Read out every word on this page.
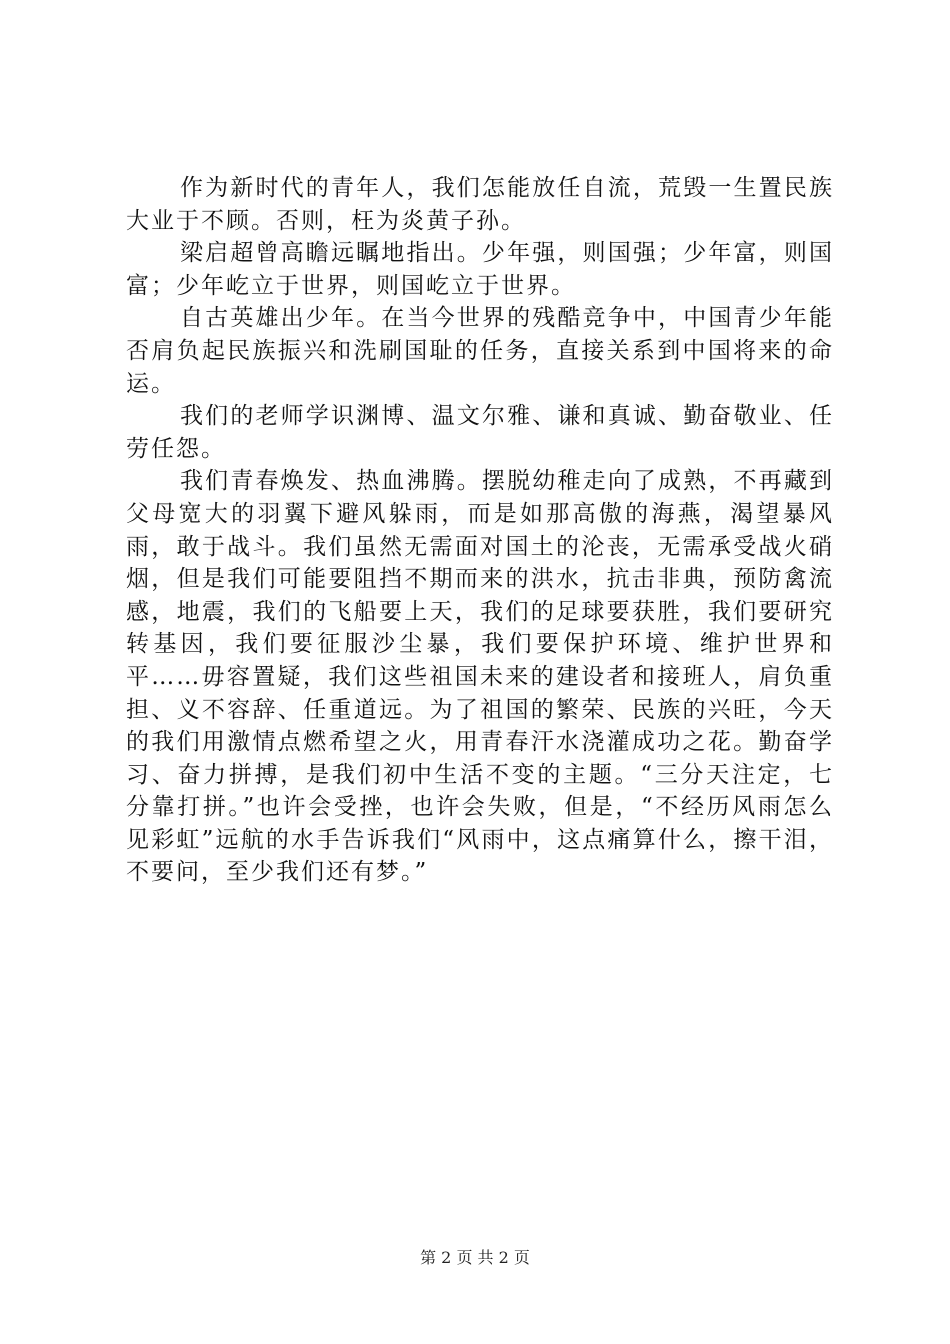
作为新时代的青年人，我们怎能放任自流，荒毁一生置民族大业于不顾。否则，枉为炎黄子孙。

梁启超曾高瞻远瞩地指出。少年强，则国强；少年富，则国富；少年屹立于世界，则国屹立于世界。

自古英雄出少年。在当今世界的残酷竞争中，中国青少年能否肩负起民族振兴和洗刷国耻的任务，直接关系到中国将来的命运。

我们的老师学识渊博、温文尔雅、谦和真诚、勤奋敬业、任劳任怨。

我们青春焕发、热血沸腾。摆脱幼稚走向了成熟，不再藏到父母宽大的羽翼下避风躲雨，而是如那高傲的海燕，渴望暴风雨，敢于战斗。我们虽然无需面对国土的沦丧，无需承受战火硝烟，但是我们可能要阻挡不期而来的洪水，抗击非典，预防禽流感，地震，我们的飞船要上天，我们的足球要获胜，我们要研究转基因，我们要征服沙尘暴，我们要保护环境、维护世界和平……毋容置疑，我们这些祖国未来的建设者和接班人，肩负重担、义不容辞、任重道远。为了祖国的繁荣、民族的兴旺，今天的我们用激情点燃希望之火，用青春汗水浇灌成功之花。勤奋学习、奋力拼搏，是我们初中生活不变的主题。“三分天注定，七分靠打拼。”也许会受挫，也许会失败，但是，“不经历风雨怎么见彩虹”远航的水手告诉我们“风雨中，这点痛算什么，擦干泪，不要问，至少我们还有梦。”

第 2 页 共 2 页
